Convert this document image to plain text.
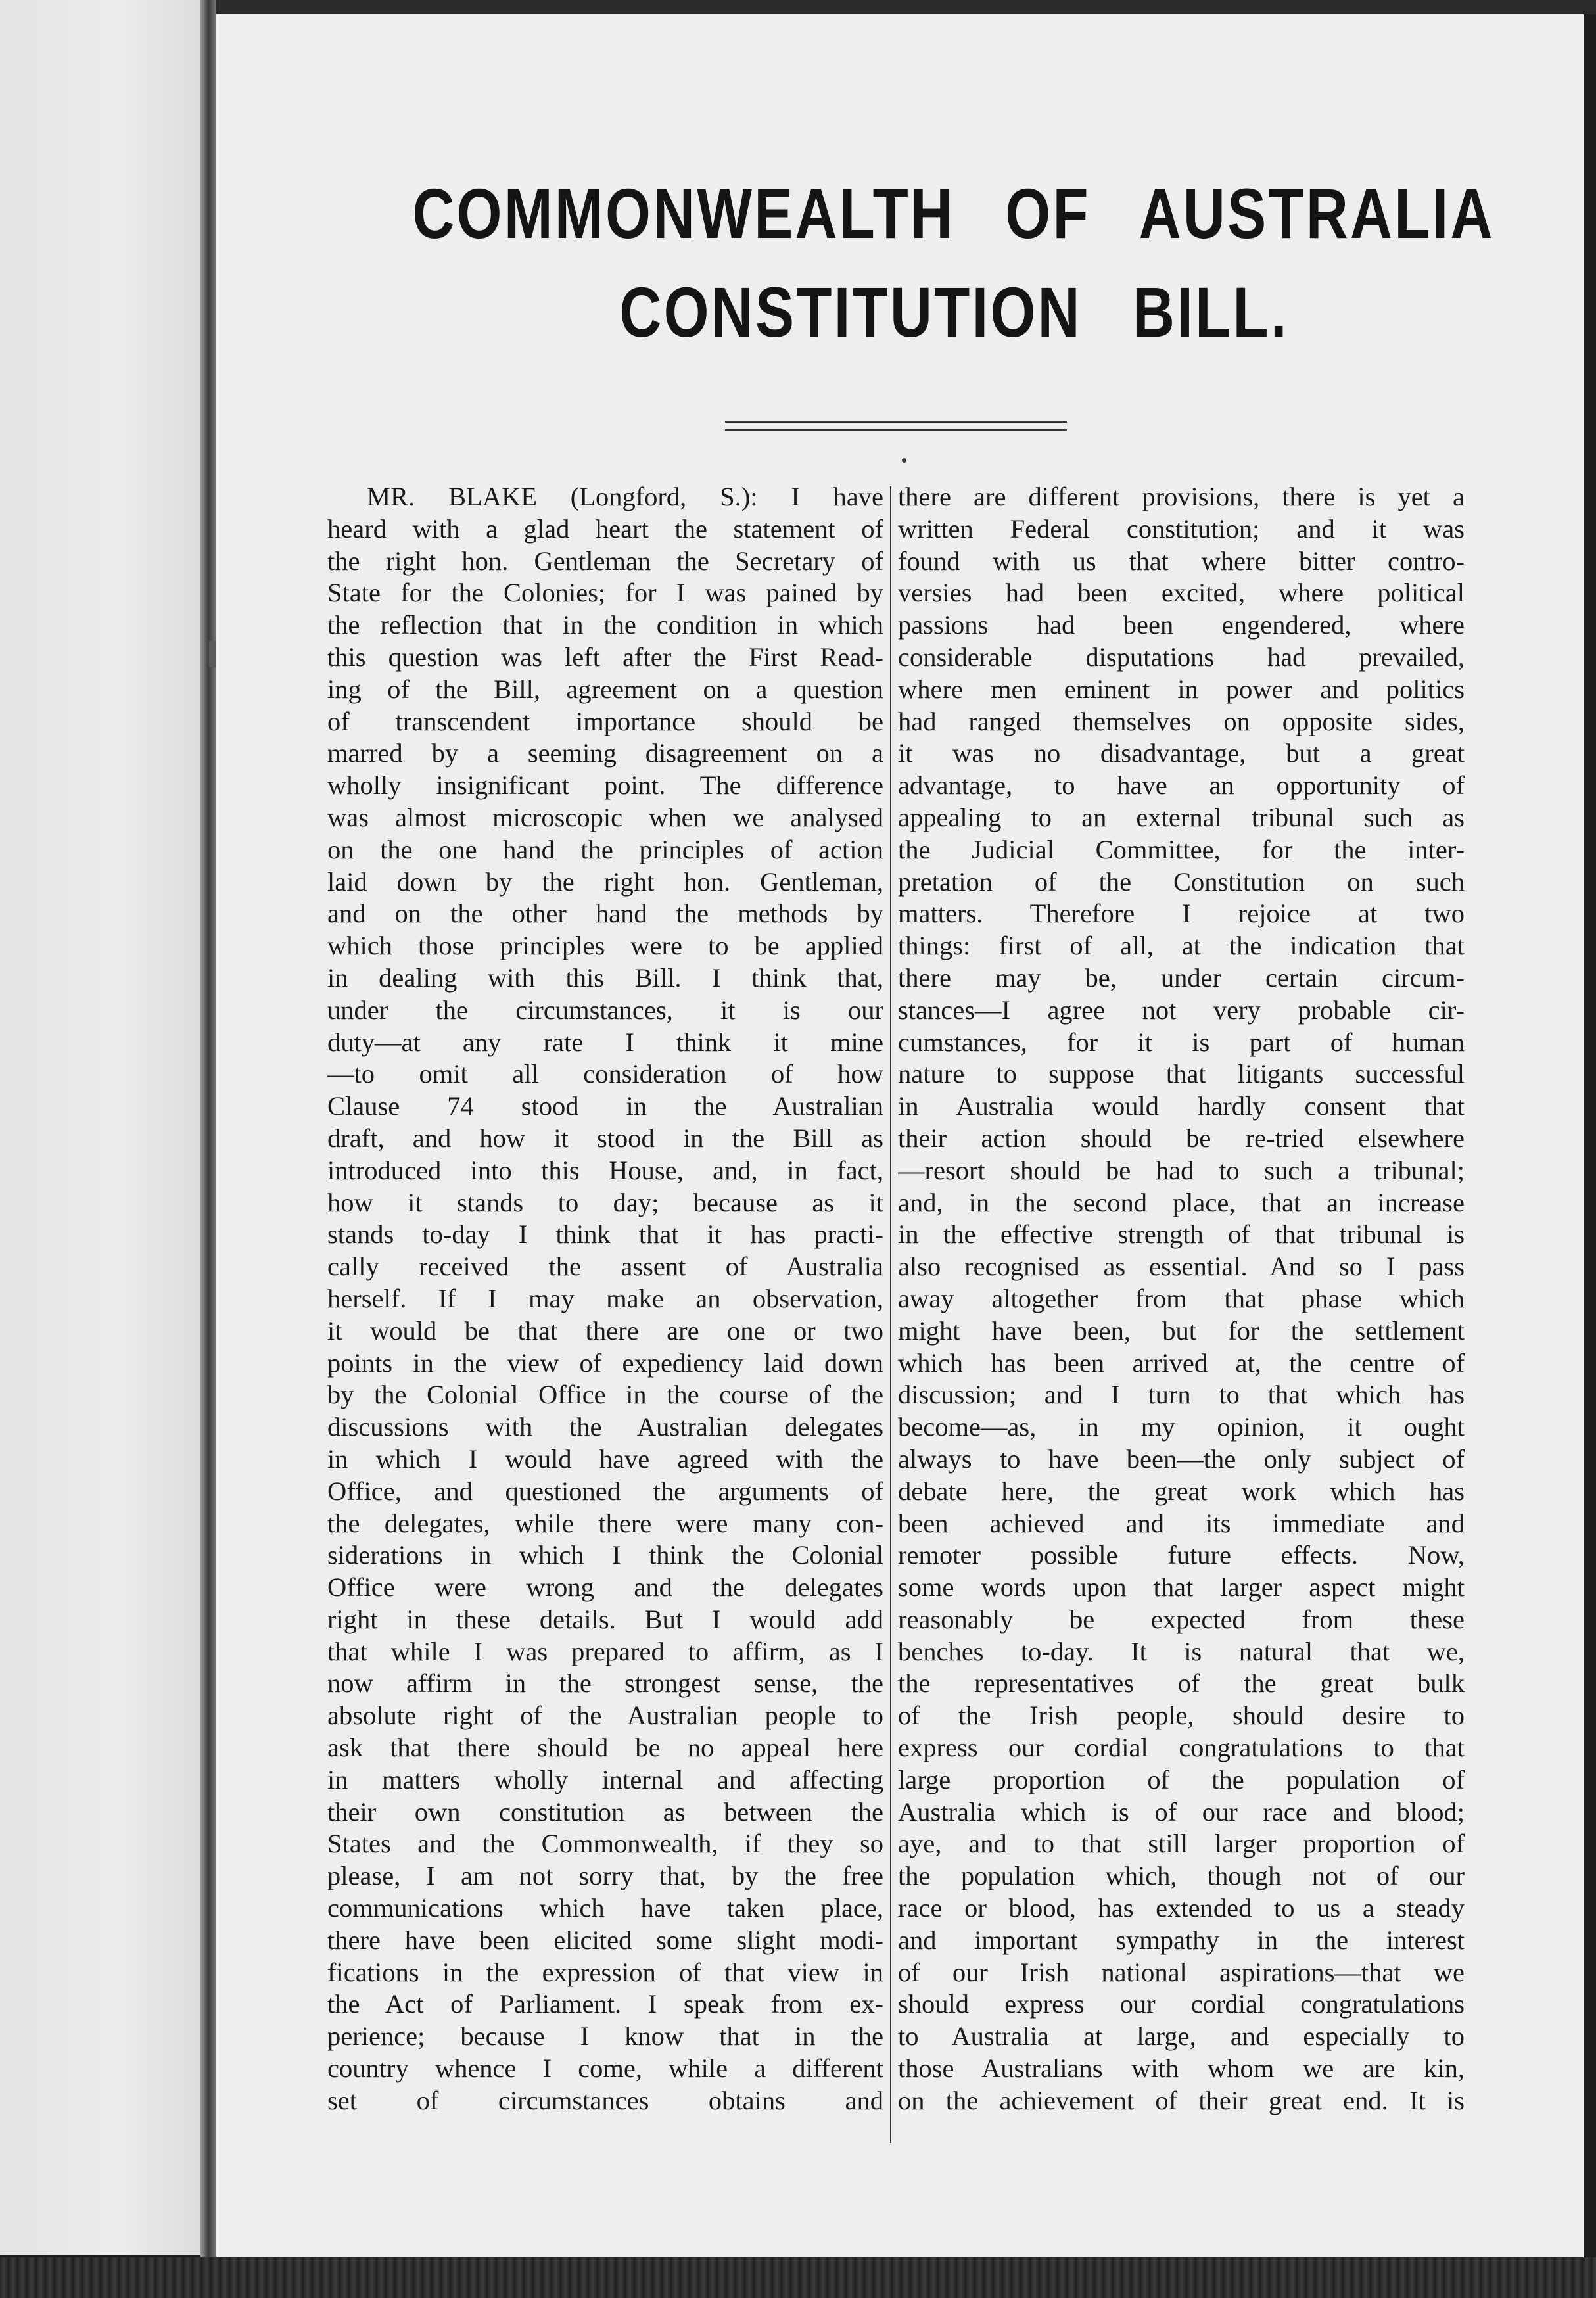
COMMONWEALTH OF AUSTRALIA
CONSTITUTION BILL.
MR. BLAKE (Longford, S.): I have
heard with a glad heart the statement of
the right hon. Gentleman the Secretary of
State for the Colonies; for I was pained by
the reflection that in the condition in which
this question was left after the First Read-
ing of the Bill, agreement on a question
of transcendent importance should be
marred by a seeming disagreement on a
wholly insignificant point. The difference
was almost microscopic when we analysed
on the one hand the principles of action
laid down by the right hon. Gentleman,
and on the other hand the methods by
which those principles were to be applied
in dealing with this Bill. I think that,
under the circumstances, it is our
duty—at any rate I think it mine
—to omit all consideration of how
Clause 74 stood in the Australian
draft, and how it stood in the Bill as
introduced into this House, and, in fact,
how it stands to day; because as it
stands to-day I think that it has practi-
cally received the assent of Australia
herself. If I may make an observation,
it would be that there are one or two
points in the view of expediency laid down
by the Colonial Office in the course of the
discussions with the Australian delegates
in which I would have agreed with the
Office, and questioned the arguments of
the delegates, while there were many con-
siderations in which I think the Colonial
Office were wrong and the delegates
right in these details. But I would add
that while I was prepared to affirm, as I
now affirm in the strongest sense, the
absolute right of the Australian people to
ask that there should be no appeal here
in matters wholly internal and affecting
their own constitution as between the
States and the Commonwealth, if they so
please, I am not sorry that, by the free
communications which have taken place,
there have been elicited some slight modi-
fications in the expression of that view in
the Act of Parliament. I speak from ex-
perience; because I know that in the
country whence I come, while a different
set of circumstances obtains and
there are different provisions, there is yet a
written Federal constitution; and it was
found with us that where bitter contro-
versies had been excited, where political
passions had been engendered, where
considerable disputations had prevailed,
where men eminent in power and politics
had ranged themselves on opposite sides,
it was no disadvantage, but a great
advantage, to have an opportunity of
appealing to an external tribunal such as
the Judicial Committee, for the inter-
pretation of the Constitution on such
matters. Therefore I rejoice at two
things: first of all, at the indication that
there may be, under certain circum-
stances—I agree not very probable cir-
cumstances, for it is part of human
nature to suppose that litigants successful
in Australia would hardly consent that
their action should be re-tried elsewhere
—resort should be had to such a tribunal;
and, in the second place, that an increase
in the effective strength of that tribunal is
also recognised as essential. And so I pass
away altogether from that phase which
might have been, but for the settlement
which has been arrived at, the centre of
discussion; and I turn to that which has
become—as, in my opinion, it ought
always to have been—the only subject of
debate here, the great work which has
been achieved and its immediate and
remoter possible future effects. Now,
some words upon that larger aspect might
reasonably be expected from these
benches to-day. It is natural that we,
the representatives of the great bulk
of the Irish people, should desire to
express our cordial congratulations to that
large proportion of the population of
Australia which is of our race and blood;
aye, and to that still larger proportion of
the population which, though not of our
race or blood, has extended to us a steady
and important sympathy in the interest
of our Irish national aspirations—that we
should express our cordial congratulations
to Australia at large, and especially to
those Australians with whom we are kin,
on the achievement of their great end. It is
